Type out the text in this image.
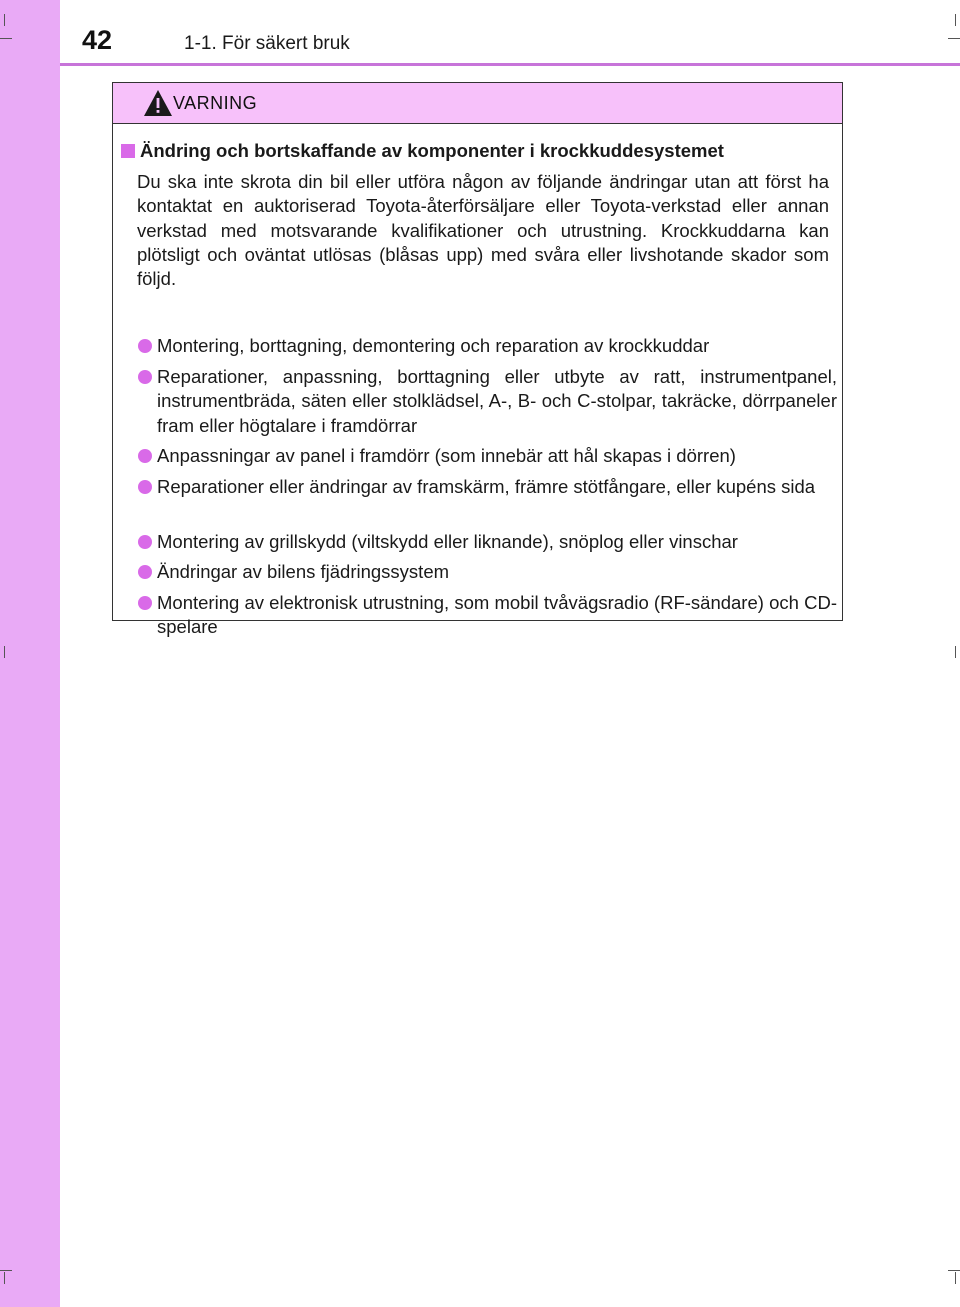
42	1-1. För säkert bruk
VARNING
Ändring och bortskaffande av komponenter i krockkuddesystemet

Du ska inte skrota din bil eller utföra någon av följande ändringar utan att först ha kontaktat en auktoriserad Toyota-återförsäljare eller Toyota-verkstad eller annan verkstad med motsvarande kvalifikationer och utrustning. Krockkuddarna kan plötsligt och oväntat utlösas (blåsas upp) med svåra eller livshotande skador som följd.

Montering, borttagning, demontering och reparation av krockkuddar
Reparationer, anpassning, borttagning eller utbyte av ratt, instrumentpanel, instrumentbräda, säten eller stolklädsel, A-, B- och C-stolpar, takräcke, dörrpaneler fram eller högtalare i framdörrar
Anpassningar av panel i framdörr (som innebär att hål skapas i dörren)
Reparationer eller ändringar av framskärm, främre stötfångare, eller kupéns sida
Montering av grillskydd (viltskydd eller liknande), snöplog eller vinschar
Ändringar av bilens fjädringssystem
Montering av elektronisk utrustning, som mobil tvåvägsradio (RF-sändare) och CD-spelare
